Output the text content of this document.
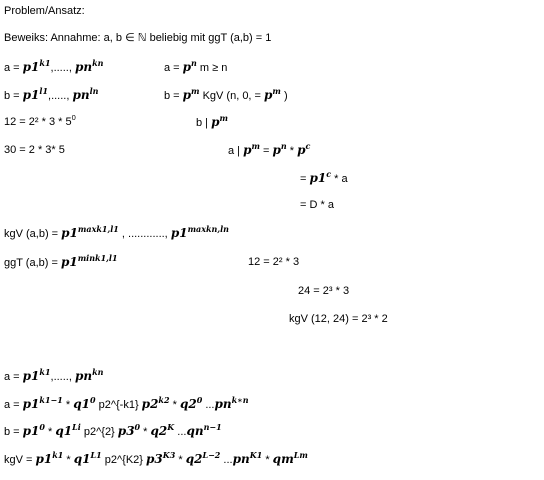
Problem/Ansatz:
Beweiks: Annahme: a, b ∈ ℕ beliebig mit ggT (a,b) = 1
$a = p1^{k1}$,....., $pn^{kn}$	$a = p^n$ m ≥ n
$b = p1^{l1}$,....., $pn^{ln}$	$b = p^m$ KgV (n, 0, = $p^m$ )
$12 = 2^2 * 3 * 5^0$	b | $p^m$
30 = 2 * 3* 5	a | $p^m = p^n * p^c$
= $p1^c$ * a
= D * a
kgV $(a,b) = p1^{maxk1,l1}$ , ............, $p1^{maxkn,ln}$
ggT $(a,b) = p1^{mink1,l1}$	12 = 2² * 3
24 = 2³ * 3
kgV (12, 24) = 2³ * 2
$a = p1^{k1}$,....., $pn^{kn}$
$a = p1^{k1-1} * q1^0$ p2^{-k1} $p2^{k2} * q2^0$ $...pn^{k∗n}$
$b = p1^0 * q1^{Li}$ p2^{2} $p3^0 * q2^K$ $...qn^{n-1}$
kgV = $p1^{k1} * q1^{L1}$ p2^{K2} $p3^{K3} * q2^{L-2}$ $...pn^{K1} * qm^{Lm}$
